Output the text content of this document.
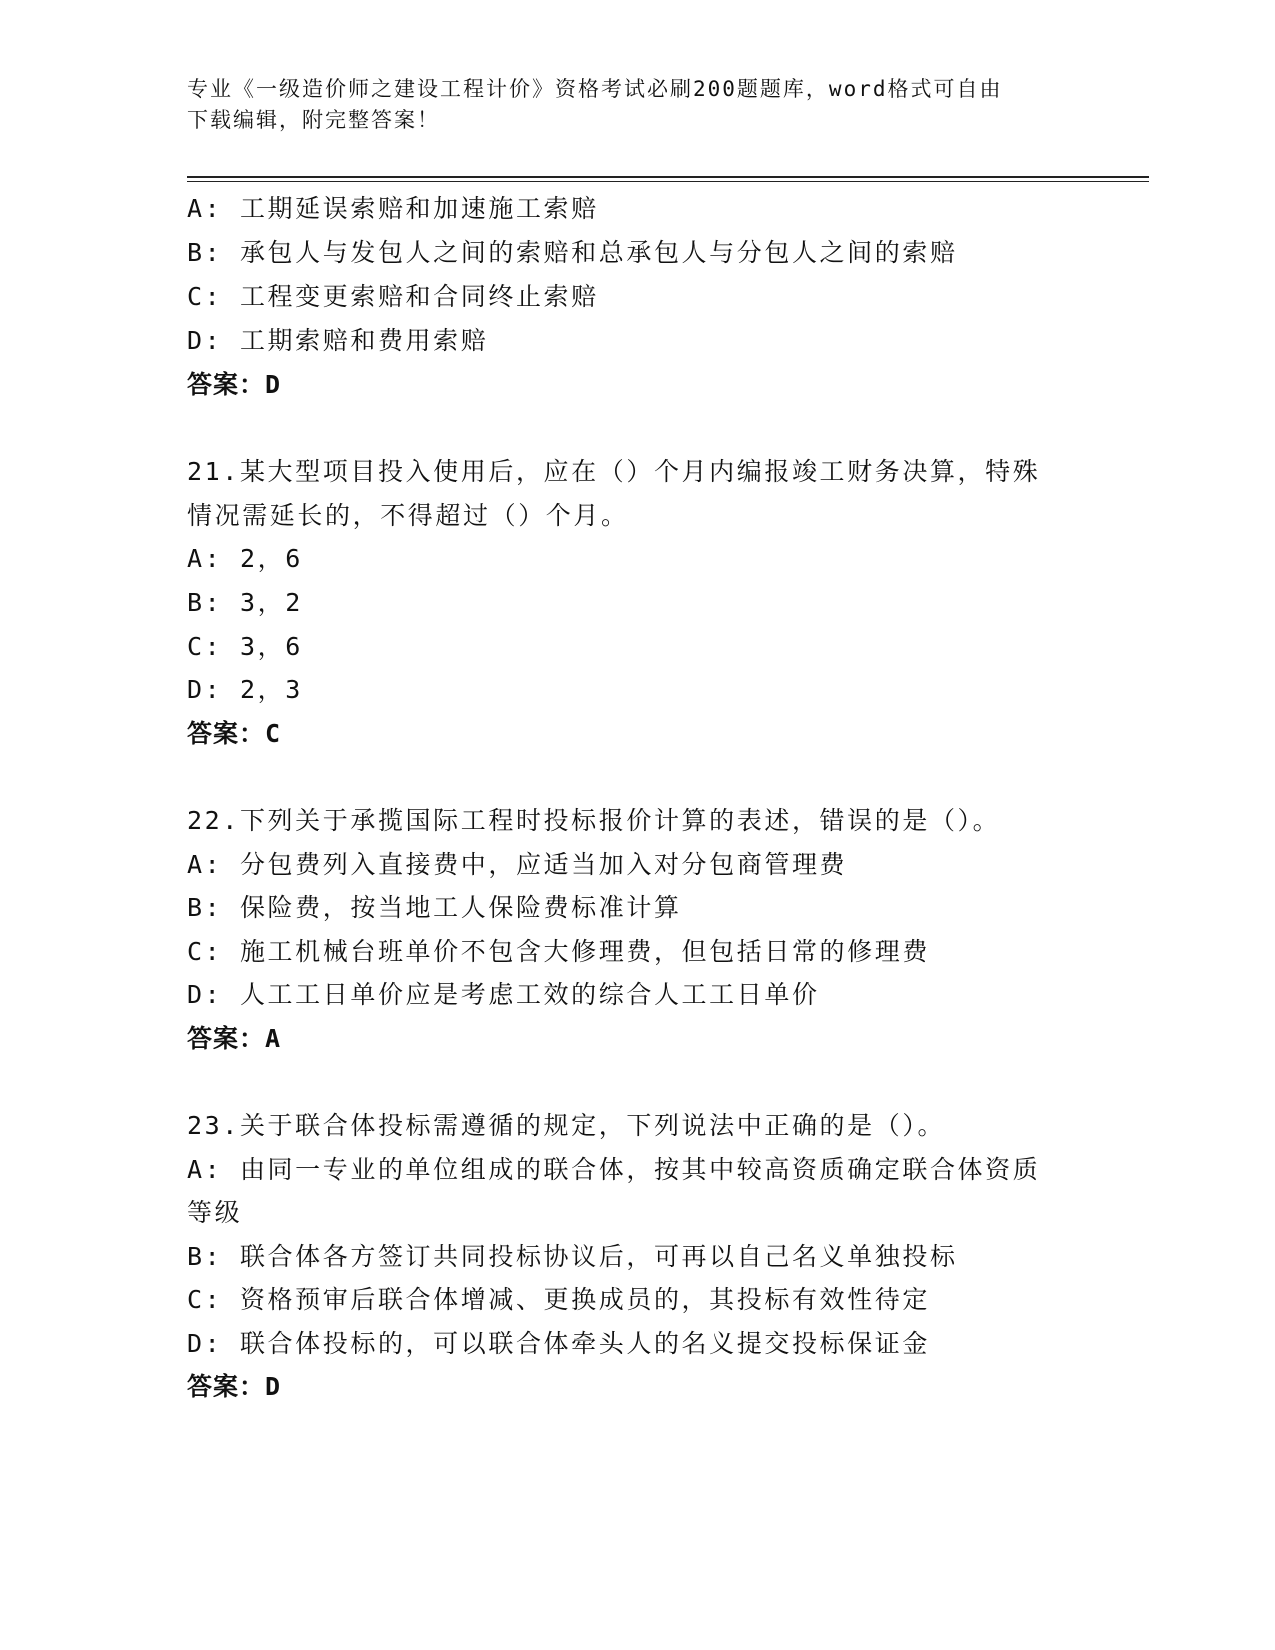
专业《一级造价师之建设工程计价》资格考试必刷200题题库，word格式可自由
下载编辑，附完整答案！
A: 工期延误索赔和加速施工索赔
B: 承包人与发包人之间的索赔和总承包人与分包人之间的索赔
C: 工程变更索赔和合同终止索赔
D: 工期索赔和费用索赔
答案：D
21.某大型项目投入使用后，应在（）个月内编报竣工财务决算，特殊
情况需延长的，不得超过（）个月。
A: 2，6
B: 3，2
C: 3，6
D: 2，3
答案：C
22.下列关于承揽国际工程时投标报价计算的表述，错误的是（）。
A: 分包费列入直接费中，应适当加入对分包商管理费
B: 保险费，按当地工人保险费标准计算
C: 施工机械台班单价不包含大修理费，但包括日常的修理费
D: 人工工日单价应是考虑工效的综合人工工日单价
答案：A
23.关于联合体投标需遵循的规定，下列说法中正确的是（）。
A: 由同一专业的单位组成的联合体，按其中较高资质确定联合体资质
等级
B: 联合体各方签订共同投标协议后，可再以自己名义单独投标
C: 资格预审后联合体增减、更换成员的，其投标有效性待定
D: 联合体投标的，可以联合体牵头人的名义提交投标保证金
答案：D
